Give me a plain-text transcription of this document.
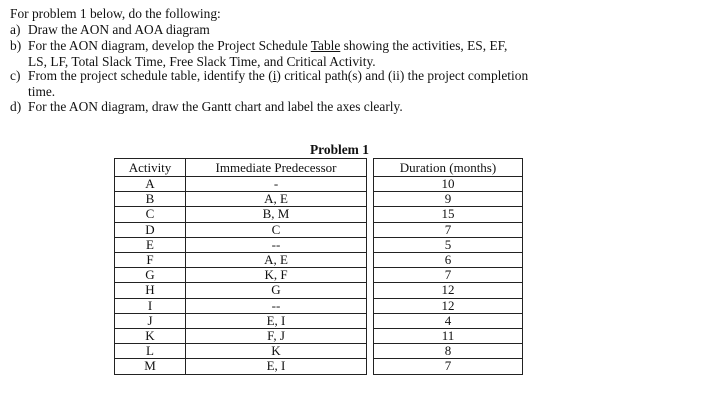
For problem 1 below, do the following:
a) Draw the AON and AOA diagram
b) For the AON diagram, develop the Project Schedule Table showing the activities, ES, EF,
LS, LF, Total Slack Time, Free Slack Time, and Critical Activity.
c) From the project schedule table, identify the (i) critical path(s) and (ii) the project completion
time.
d) For the AON diagram, draw the Gantt chart and label the axes clearly.
Problem 1
Activity	Immediate Predecessor		Duration (months)
A	-		10
B	A, E		9
C	B, M		15
D	C		7
E	--		5
F	A, E		6
G	K, F		7
H	G		12
I	--		12
J	E, I		4
K	F, J		11
L	K		8
M	E, I		7
